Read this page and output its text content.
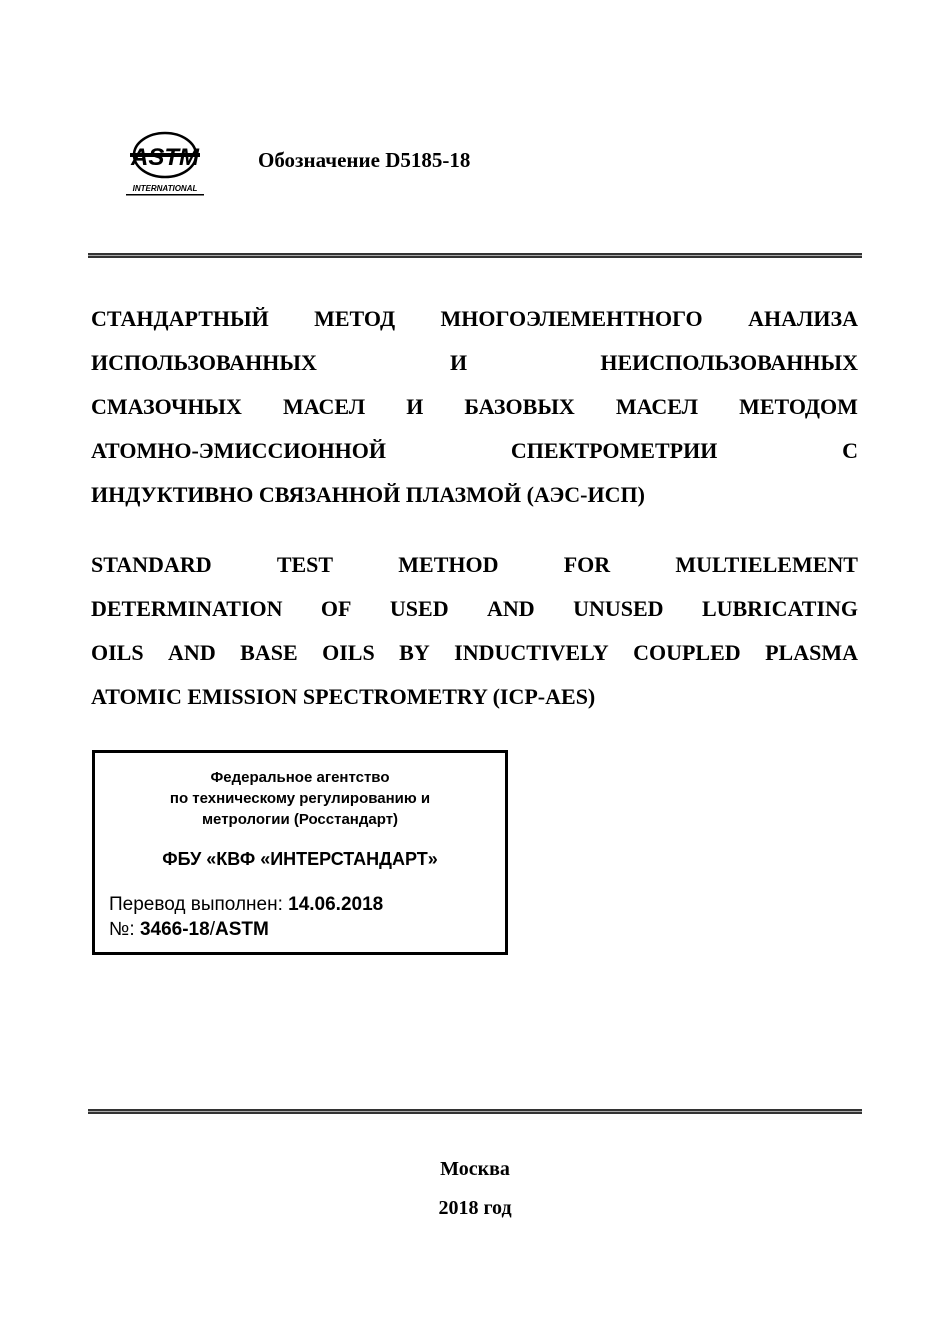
ASTM
INTERNATIONAL
Обозначение D5185-18
СТАНДАРТНЫЙ МЕТОД МНОГОЭЛЕМЕНТНОГО АНАЛИЗА
ИСПОЛЬЗОВАННЫХ	И	НЕИСПОЛЬЗОВАННЫХ
СМАЗОЧНЫХ МАСЕЛ И БАЗОВЫХ МАСЕЛ МЕТОДОМ
АТОМНО-ЭМИССИОННОЙ	СПЕКТРОМЕТРИИ	С
ИНДУКТИВНО СВЯЗАННОЙ ПЛАЗМОЙ (АЭС-ИСП)
STANDARD	TEST	METHOD	FOR	MULTIELEMENT
DETERMINATION OF USED AND UNUSED LUBRICATING
OILS AND BASE OILS BY INDUCTIVELY COUPLED PLASMA
ATOMIC EMISSION SPECTROMETRY (ICP-AES)
Федеральное агентство
по техническому регулированию и
метрологии (Росстандарт)
ФБУ «КВФ «ИНТЕРСТАНДАРТ»
Перевод выполнен: 14.06.2018
№: 3466-18/ASTM
Москва
2018 год
